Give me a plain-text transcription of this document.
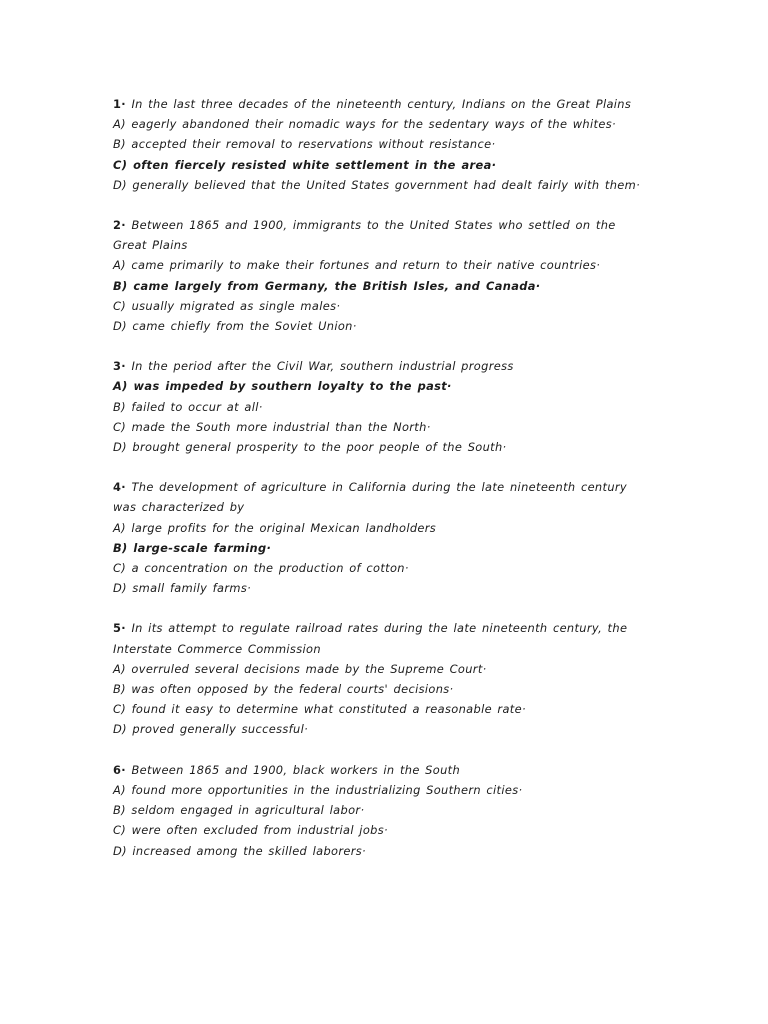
1· In the last three decades of the nineteenth century, Indians on the Great Plains
A) eagerly abandoned their nomadic ways for the sedentary ways of the whites·
B) accepted their removal to reservations without resistance·
C) often fiercely resisted white settlement in the area·
D) generally believed that the United States government had dealt fairly with them·
2· Between 1865 and 1900, immigrants to the United States who settled on the Great Plains
A) came primarily to make their fortunes and return to their native countries·
B) came largely from Germany, the British Isles, and Canada·
C) usually migrated as single males·
D) came chiefly from the Soviet Union·
3· In the period after the Civil War, southern industrial progress
A) was impeded by southern loyalty to the past·
B) failed to occur at all·
C) made the South more industrial than the North·
D) brought general prosperity to the poor people of the South·
4· The development of agriculture in California during the late nineteenth century was characterized by
A) large profits for the original Mexican landholders
B) large-scale farming·
C) a concentration on the production of cotton·
D) small family farms·
5· In its attempt to regulate railroad rates during the late nineteenth century, the Interstate Commerce Commission
A) overruled several decisions made by the Supreme Court·
B) was often opposed by the federal courts' decisions·
C) found it easy to determine what constituted a reasonable rate·
D) proved generally successful·
6· Between 1865 and 1900, black workers in the South
A) found more opportunities in the industrializing Southern cities·
B) seldom engaged in agricultural labor·
C) were often excluded from industrial jobs·
D) increased among the skilled laborers·
